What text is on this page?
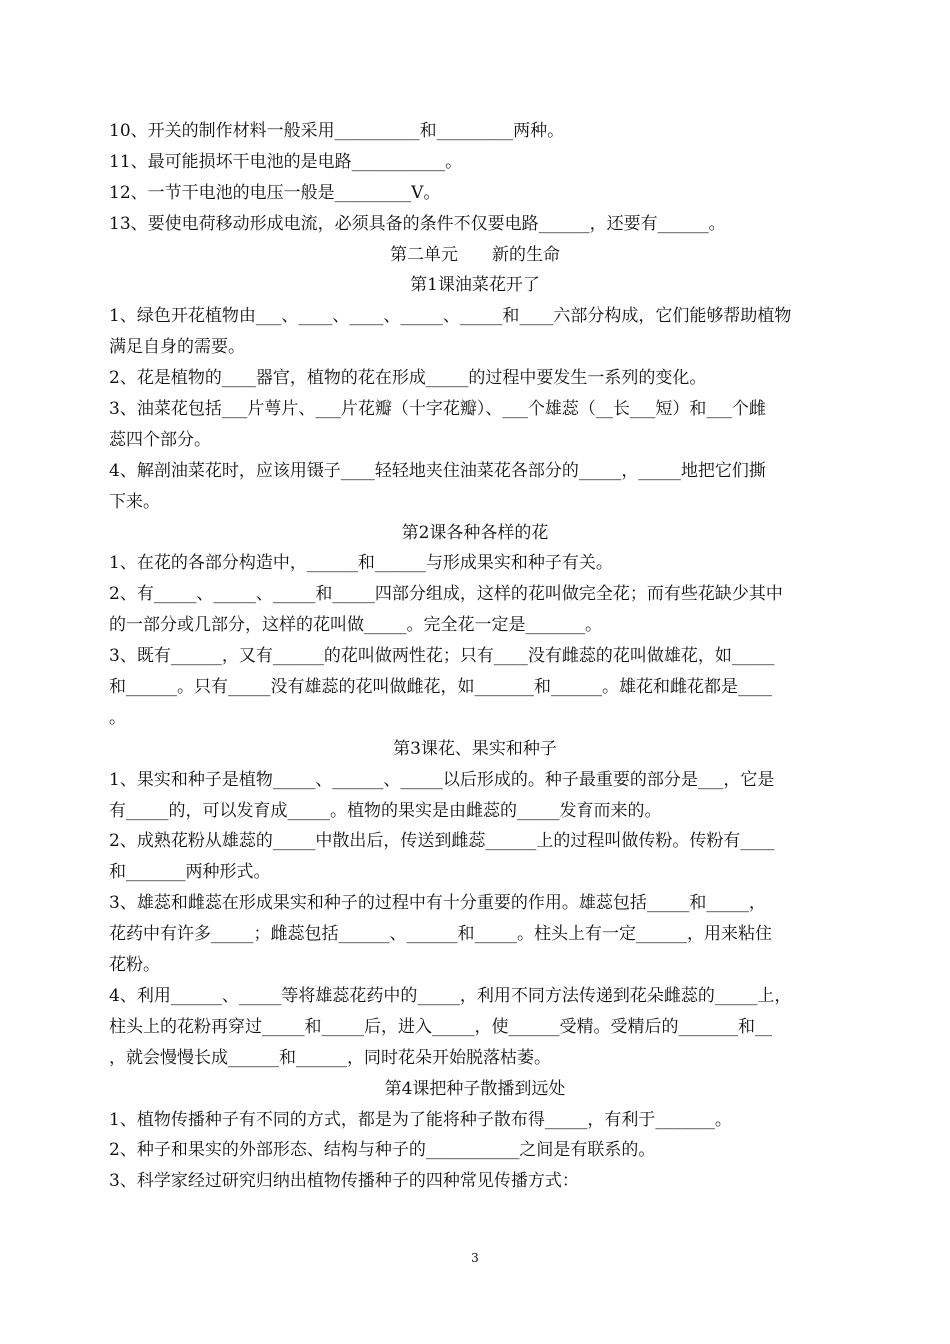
10、开关的制作材料一般采用__________和_________两种。
11、最可能损坏干电池的是电路___________。
12、一节干电池的电压一般是_________V。
13、要使电荷移动形成电流，必须具备的条件不仅要电路______，还要有______。
第二单元　　新的生命
第1课油菜花开了
1、绿色开花植物由___、____、____、_____、_____和____六部分构成，它们能够帮助植物
满足自身的需要。
2、花是植物的____器官，植物的花在形成_____的过程中要发生一系列的变化。
3、油菜花包括___片萼片、___片花瓣（十字花瓣）、___个雄蕊（__长___短）和___个雌
蕊四个部分。
4、解剖油菜花时，应该用镊子____轻轻地夹住油菜花各部分的_____，_____地把它们撕
下来。
第2课各种各样的花
1、在花的各部分构造中，______和______与形成果实和种子有关。
2、有_____、_____、_____和_____四部分组成，这样的花叫做完全花；而有些花缺少其中
的一部分或几部分，这样的花叫做_____。完全花一定是_______。
3、既有______，又有______的花叫做两性花；只有____没有雌蕊的花叫做雄花，如_____
和______。只有_____没有雄蕊的花叫做雌花，如_______和______。雄花和雌花都是____
。
第3课花、果实和种子
1、果实和种子是植物_____、______、_____以后形成的。种子最重要的部分是___，它是
有_____的，可以发育成_____。植物的果实是由雌蕊的_____发育而来的。
2、成熟花粉从雄蕊的_____中散出后，传送到雌蕊______上的过程叫做传粉。传粉有____
和_______两种形式。
3、雄蕊和雌蕊在形成果实和种子的过程中有十分重要的作用。雄蕊包括_____和_____，
花药中有许多_____；雌蕊包括______、______和_____。柱头上有一定______，用来粘住
花粉。
4、利用______、_____等将雄蕊花药中的_____，利用不同方法传递到花朵雌蕊的_____上，
柱头上的花粉再穿过_____和_____后，进入_____，使______受精。受精后的_______和__
，就会慢慢长成______和______，同时花朵开始脱落枯萎。
第4课把种子散播到远处
1、植物传播种子有不同的方式，都是为了能将种子散布得_____，有利于_______。
2、种子和果实的外部形态、结构与种子的___________之间是有联系的。
3、科学家经过研究归纳出植物传播种子的四种常见传播方式：
3
